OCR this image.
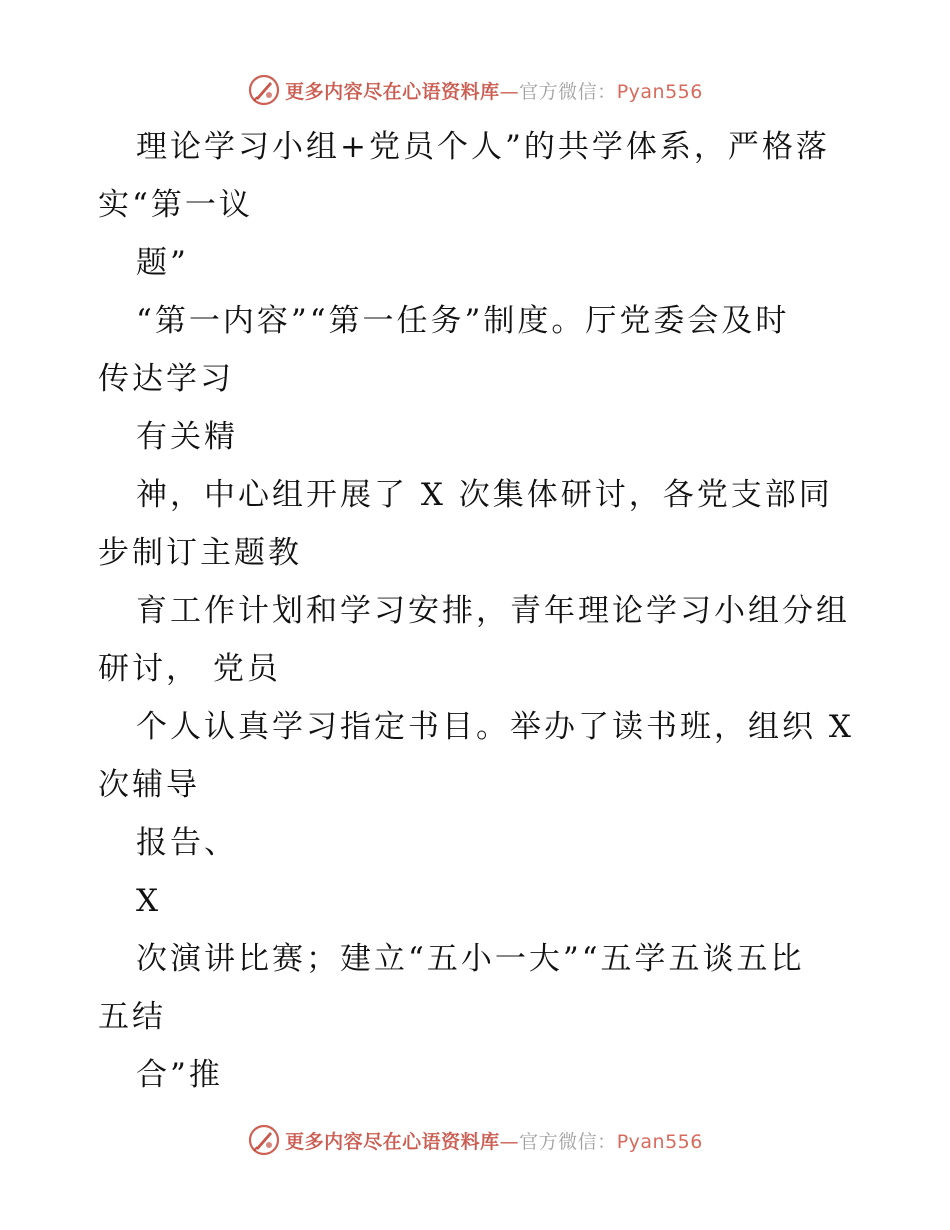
更多内容尽在心语资料库—官方微信：Pyan556
理论学习小组+党员个人”的共学体系，严格落
实“第一议
题”
“第一内容”“第一任务”制度。厅党委会及时
传达学习
有关精
神，中心组开展了 X 次集体研讨，各党支部同
步制订主题教
育工作计划和学习安排，青年理论学习小组分组
研讨， 党员
个人认真学习指定书目。举办了读书班，组织 X
次辅导
报告、
X
次演讲比赛；建立“五小一大”“五学五谈五比
五结
合”推
更多内容尽在心语资料库—官方微信：Pyan556
